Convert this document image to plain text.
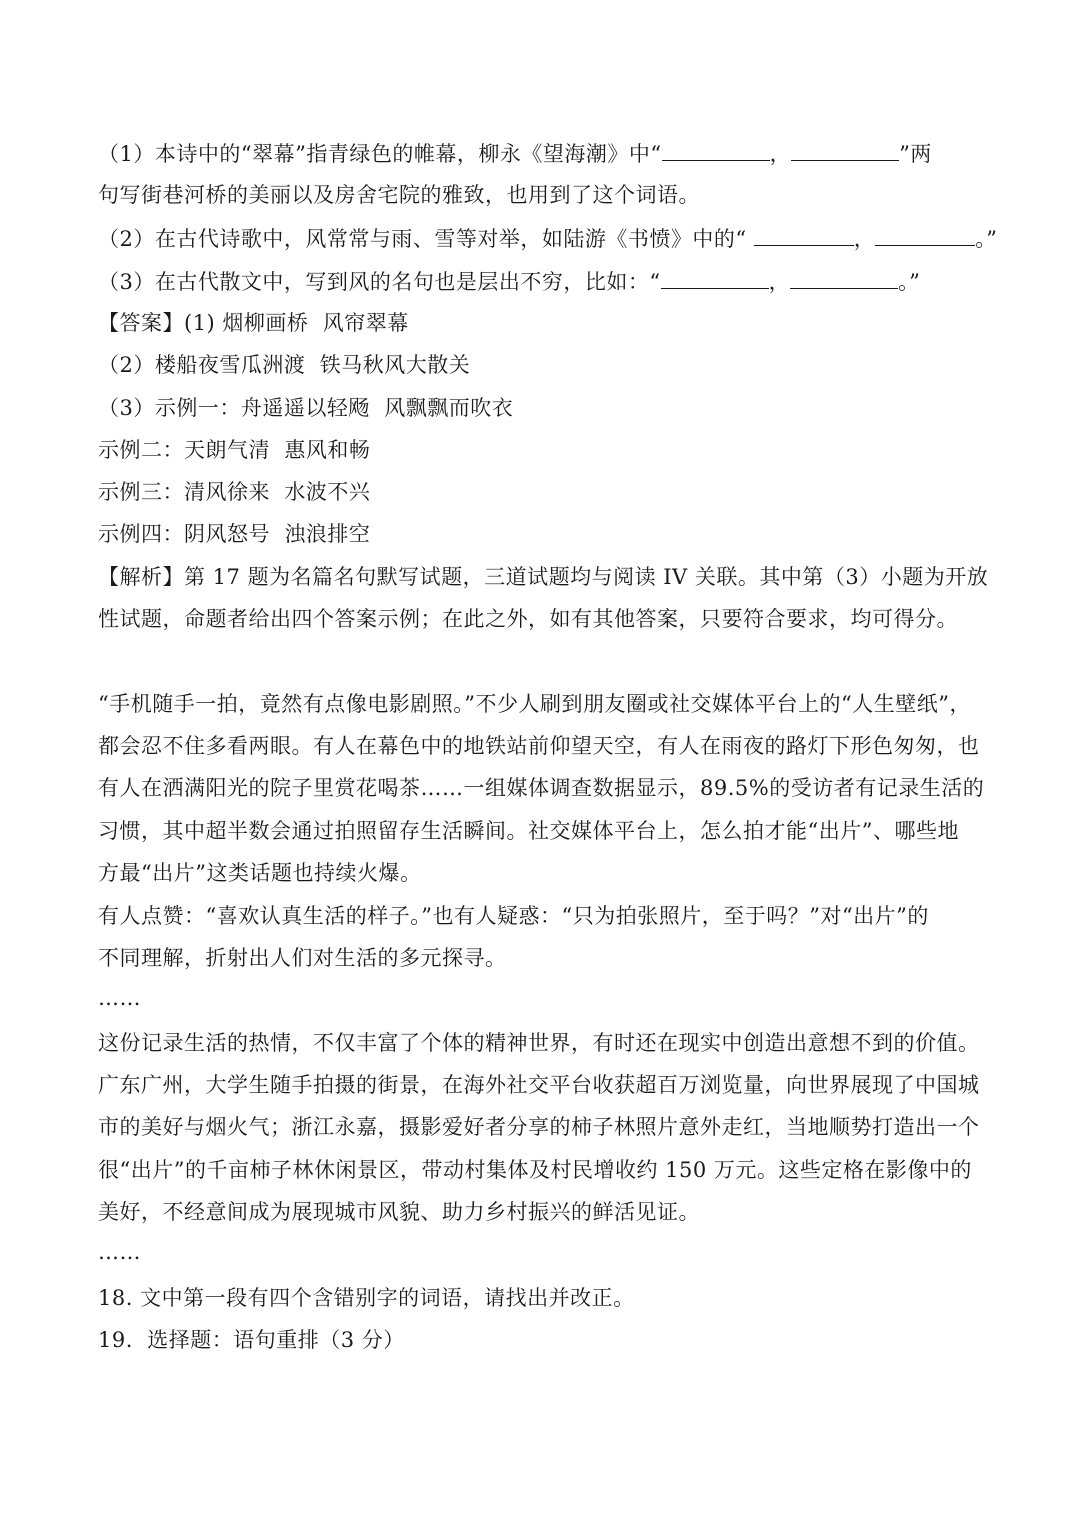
（1）本诗中的“翠幕”指青绿色的帷幕，柳永《望海潮》中“	，	”两
句写街巷河桥的美丽以及房舍宅院的雅致，也用到了这个词语。
（2）在古代诗歌中，风常常与雨、雪等对举，如陆游《书愤》中的“	，	。”
（3）在古代散文中，写到风的名句也是层出不穷，比如：“	，	。”
【答案】(1) 烟柳画桥  风帘翠幕
（2）楼船夜雪瓜洲渡  铁马秋风大散关
（3）示例一：舟遥遥以轻飏  风飘飘而吹衣
示例二：天朗气清  惠风和畅
示例三：清风徐来  水波不兴
示例四：阴风怒号  浊浪排空
【解析】第 17 题为名篇名句默写试题，三道试题均与阅读 IV 关联。其中第（3）小题为开放
性试题，命题者给出四个答案示例；在此之外，如有其他答案，只要符合要求，均可得分。
“手机随手一拍，竟然有点像电影剧照。”不少人刷到朋友圈或社交媒体平台上的“人生壁纸”，
都会忍不住多看两眼。有人在幕色中的地铁站前仰望天空，有人在雨夜的路灯下形色匆匆，也
有人在洒满阳光的院子里赏花喝茶……一组媒体调查数据显示，89.5%的受访者有记录生活的
习惯，其中超半数会通过拍照留存生活瞬间。社交媒体平台上，怎么拍才能“出片”、哪些地
方最“出片”这类话题也持续火爆。
有人点赞：“喜欢认真生活的样子。”也有人疑惑：“只为拍张照片，至于吗？”对“出片”的
不同理解，折射出人们对生活的多元探寻。
……
这份记录生活的热情，不仅丰富了个体的精神世界，有时还在现实中创造出意想不到的价值。
广东广州，大学生随手拍摄的街景，在海外社交平台收获超百万浏览量，向世界展现了中国城
市的美好与烟火气；浙江永嘉，摄影爱好者分享的柿子林照片意外走红，当地顺势打造出一个
很“出片”的千亩柿子林休闲景区，带动村集体及村民增收约 150 万元。这些定格在影像中的
美好，不经意间成为展现城市风貌、助力乡村振兴的鲜活见证。
……
18. 文中第一段有四个含错别字的词语，请找出并改正。
19.  选择题：语句重排（3 分）
